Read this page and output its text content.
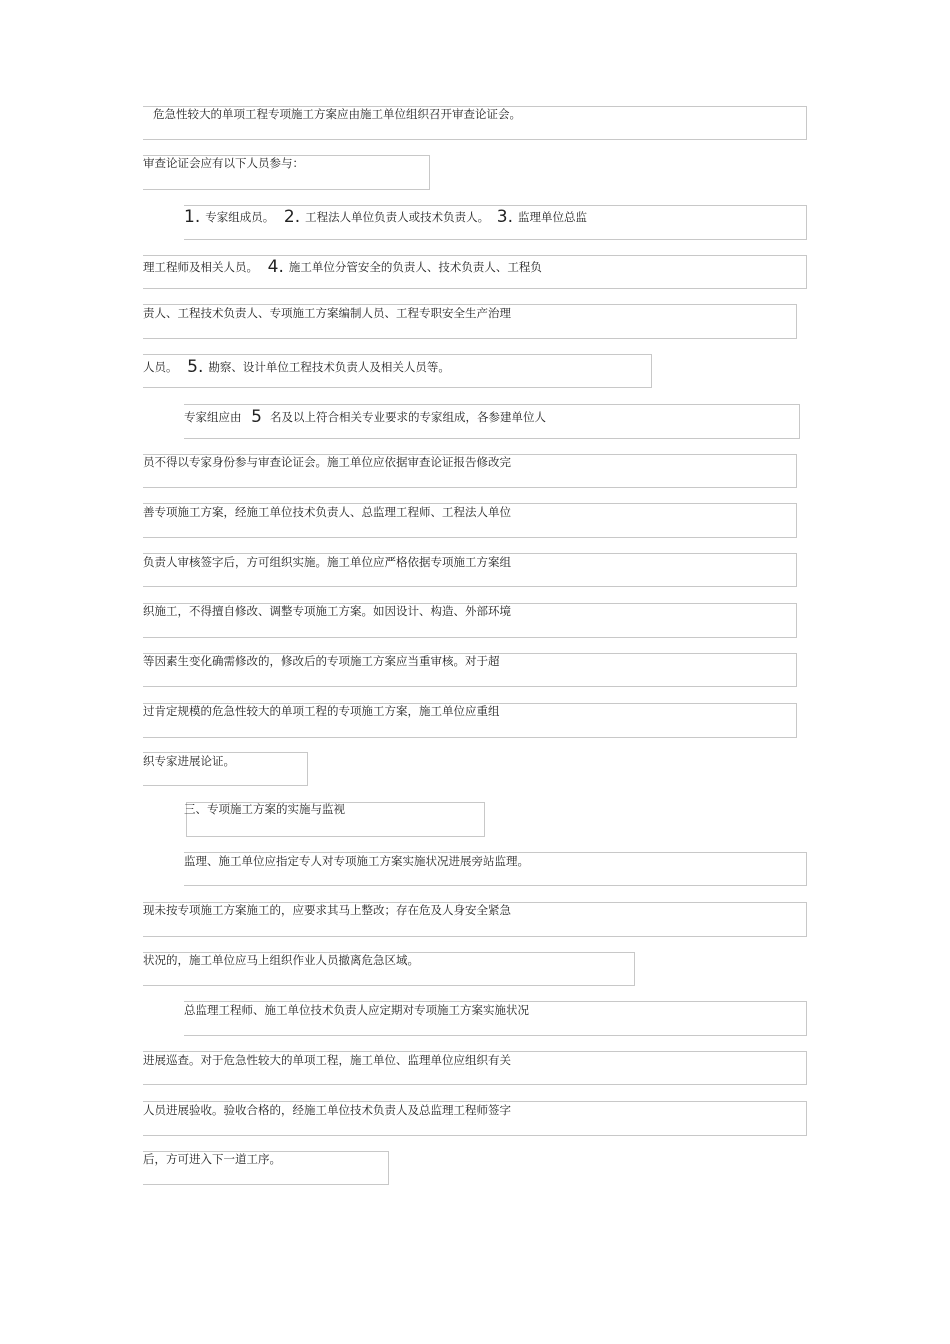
危急性较大的单项工程专项施工方案应由施工单位组织召开审查论证会。
审查论证会应有以下人员参与：
1. 专家组成员。 2. 工程法人单位负责人或技术负责人。 3. 监理单位总监
理工程师及相关人员。 4. 施工单位分管安全的负责人、技术负责人、工程负
责人、工程技术负责人、专项施工方案编制人员、工程专职安全生产治理
人员。 5. 勘察、设计单位工程技术负责人及相关人员等。
专家组应由 5 名及以上符合相关专业要求的专家组成，各参建单位人
员不得以专家身份参与审查论证会。施工单位应依据审查论证报告修改完
善专项施工方案，经施工单位技术负责人、总监理工程师、工程法人单位
负责人审核签字后，方可组织实施。施工单位应严格依据专项施工方案组
织施工，不得擅自修改、调整专项施工方案。如因设计、构造、外部环境
等因素生变化确需修改的，修改后的专项施工方案应当重审核。对于超
过肯定规模的危急性较大的单项工程的专项施工方案，施工单位应重组
织专家进展论证。
三、专项施工方案的实施与监视
监理、施工单位应指定专人对专项施工方案实施状况进展旁站监理。
现未按专项施工方案施工的，应要求其马上整改；存在危及人身安全紧急
状况的，施工单位应马上组织作业人员撤离危急区域。
总监理工程师、施工单位技术负责人应定期对专项施工方案实施状况
进展巡查。对于危急性较大的单项工程，施工单位、监理单位应组织有关
人员进展验收。验收合格的，经施工单位技术负责人及总监理工程师签字
后，方可进入下一道工序。
